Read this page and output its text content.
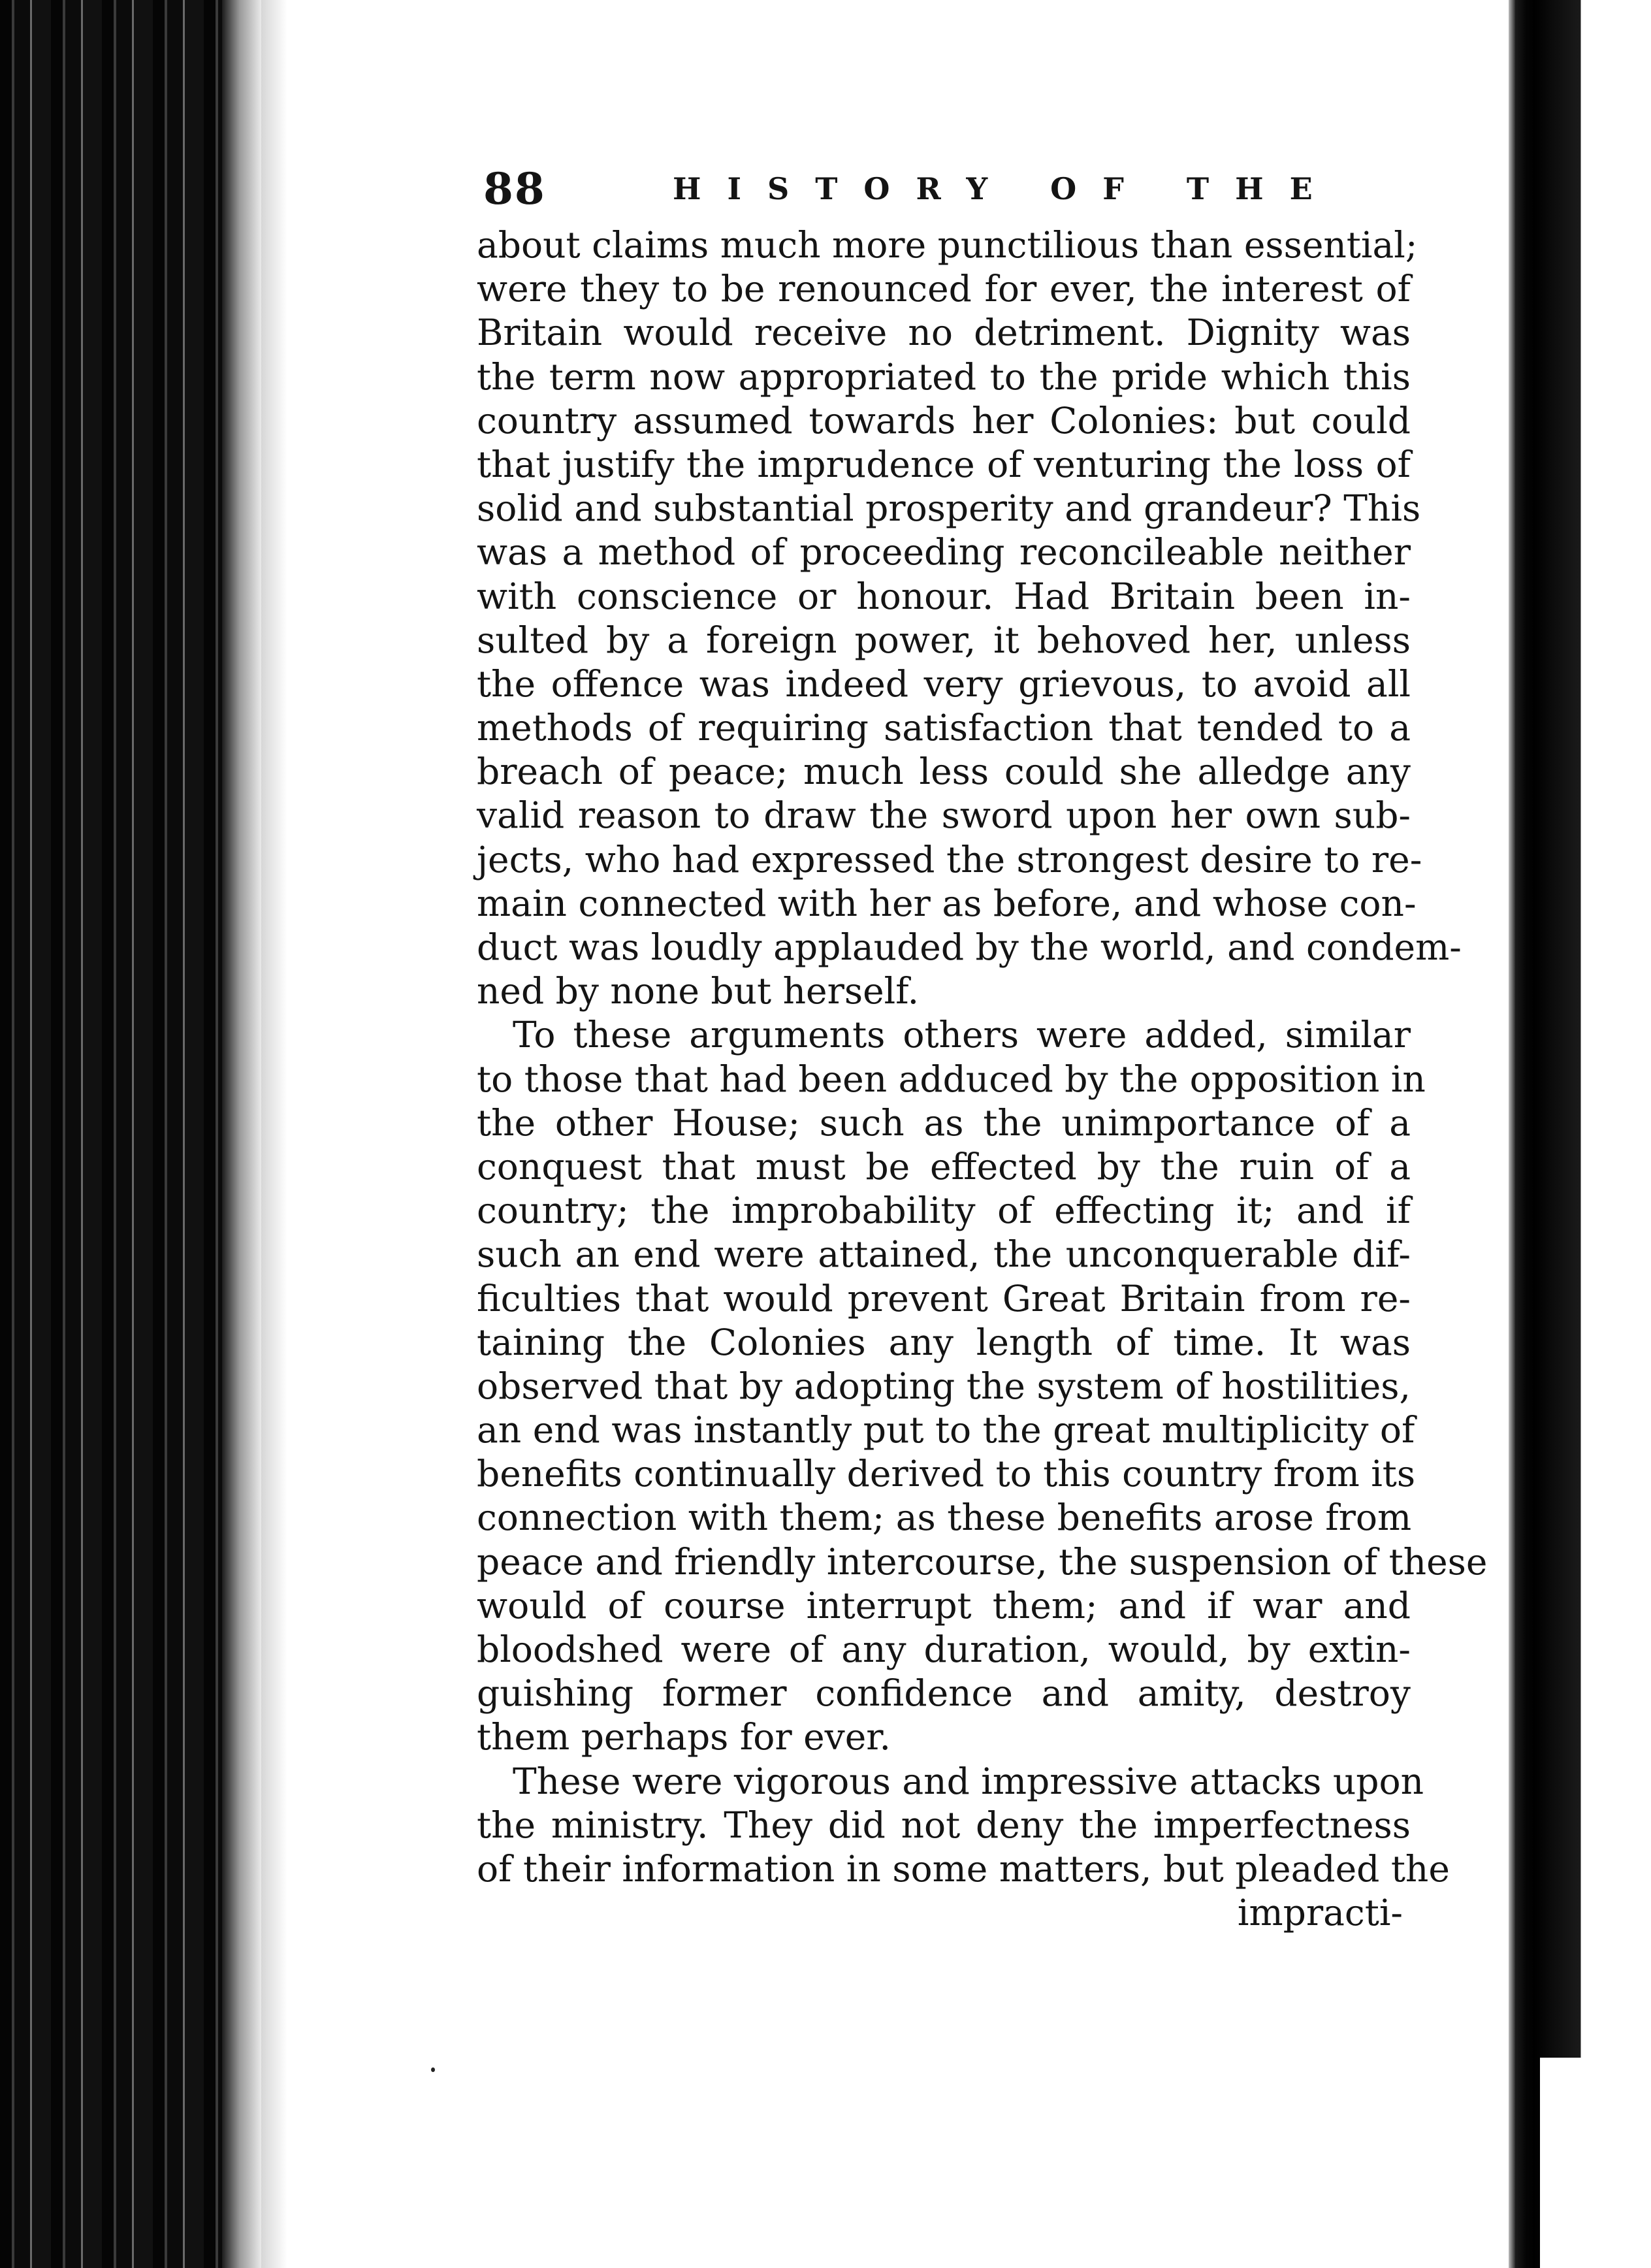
88	HISTORY OF THE
about claims much more punctilious than essential;
were they to be renounced for ever, the interest of
Britain would receive no detriment. Dignity was
the term now appropriated to the pride which this
country assumed towards her Colonies: but could
that justify the imprudence of venturing the loss of
solid and substantial prosperity and grandeur? This
was a method of proceeding reconcileable neither
with conscience or honour. Had Britain been in-
sulted by a foreign power, it behoved her, unless
the offence was indeed very grievous, to avoid all
methods of requiring satisfaction that tended to a
breach of peace; much less could she alledge any
valid reason to draw the sword upon her own sub-
jects, who had expressed the strongest desire to re-
main connected with her as before, and whose con-
duct was loudly applauded by the world, and condem-
ned by none but herself.
To these arguments others were added, similar
to those that had been adduced by the opposition in
the other House; such as the unimportance of a
conquest that must be effected by the ruin of a
country; the improbability of effecting it; and if
such an end were attained, the unconquerable dif-
ficulties that would prevent Great Britain from re-
taining the Colonies any length of time. It was
observed that by adopting the system of hostilities,
an end was instantly put to the great multiplicity of
benefits continually derived to this country from its
connection with them; as these benefits arose from
peace and friendly intercourse, the suspension of these
would of course interrupt them; and if war and
bloodshed were of any duration, would, by extin-
guishing former confidence and amity, destroy
them perhaps for ever.
These were vigorous and impressive attacks upon
the ministry. They did not deny the imperfectness
of their information in some matters, but pleaded the
impracti-
